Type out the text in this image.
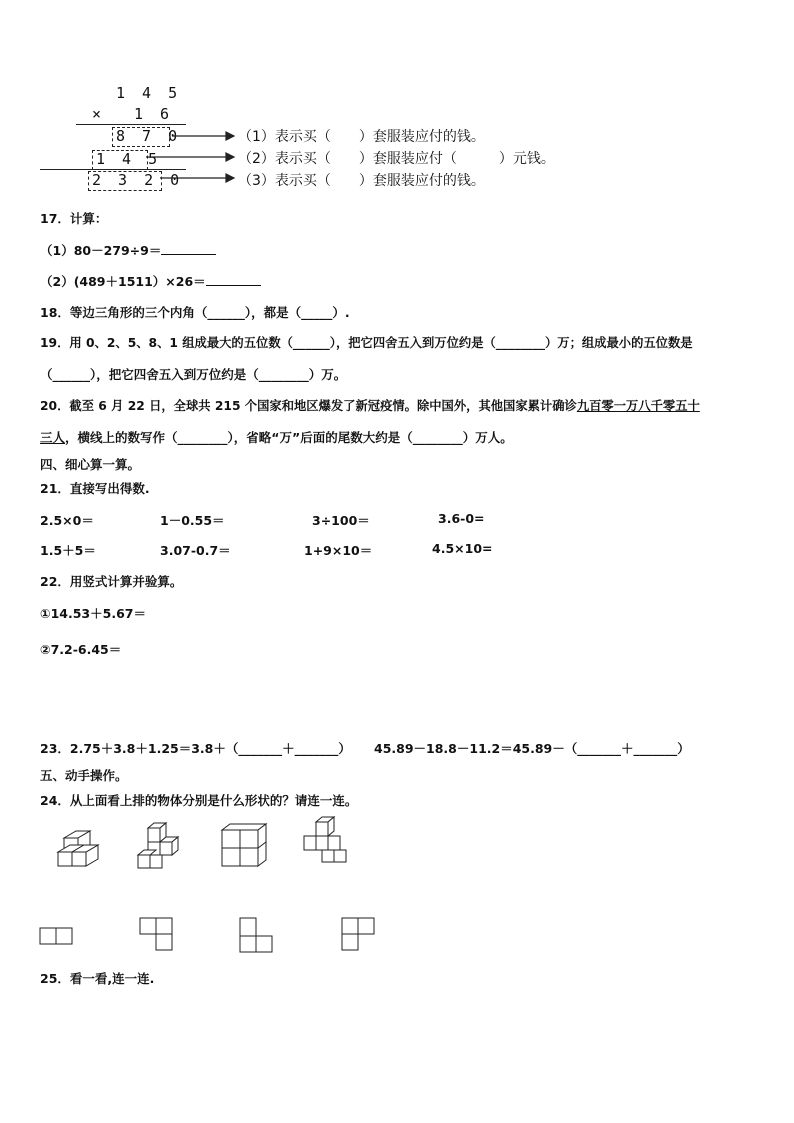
1 4 5
× 1 6
8 7 0
1 4 5
2 3 2 0
（1）表示买（　　）套服装应付的钱。
（2）表示买（　　）套服装应付（　　　）元钱。
（3）表示买（　　）套服装应付的钱。
17．计算：
（1）80－279÷9＝
（2）(489＋1511）×26＝
18．等边三角形的三个内角（______），都是（_____）.
19．用 0、2、5、8、1 组成最大的五位数（______），把它四舍五入到万位约是（________）万；组成最小的五位数是
（______），把它四舍五入到万位约是（________）万。
20．截至 6 月 22 日，全球共 215 个国家和地区爆发了新冠疫情。除中国外，其他国家累计确诊九百零一万八千零五十
三人，横线上的数写作（________），省略“万”后面的尾数大约是（________）万人。
四、细心算一算。
21．直接写出得数.
2.5×0＝	1－0.55＝	3÷100＝	3.6-0=
1.5＋5＝	3.07-0.7＝	1+9×10＝	4.5×10=
22．用竖式计算并验算。
①14.53＋5.67＝
②7.2-6.45＝
23．2.75＋3.8＋1.25＝3.8＋（_______＋_______） 45.89－18.8－11.2＝45.89－（_______＋_______）
五、动手操作。
24．从上面看上排的物体分别是什么形状的？请连一连。
25．看一看,连一连.
